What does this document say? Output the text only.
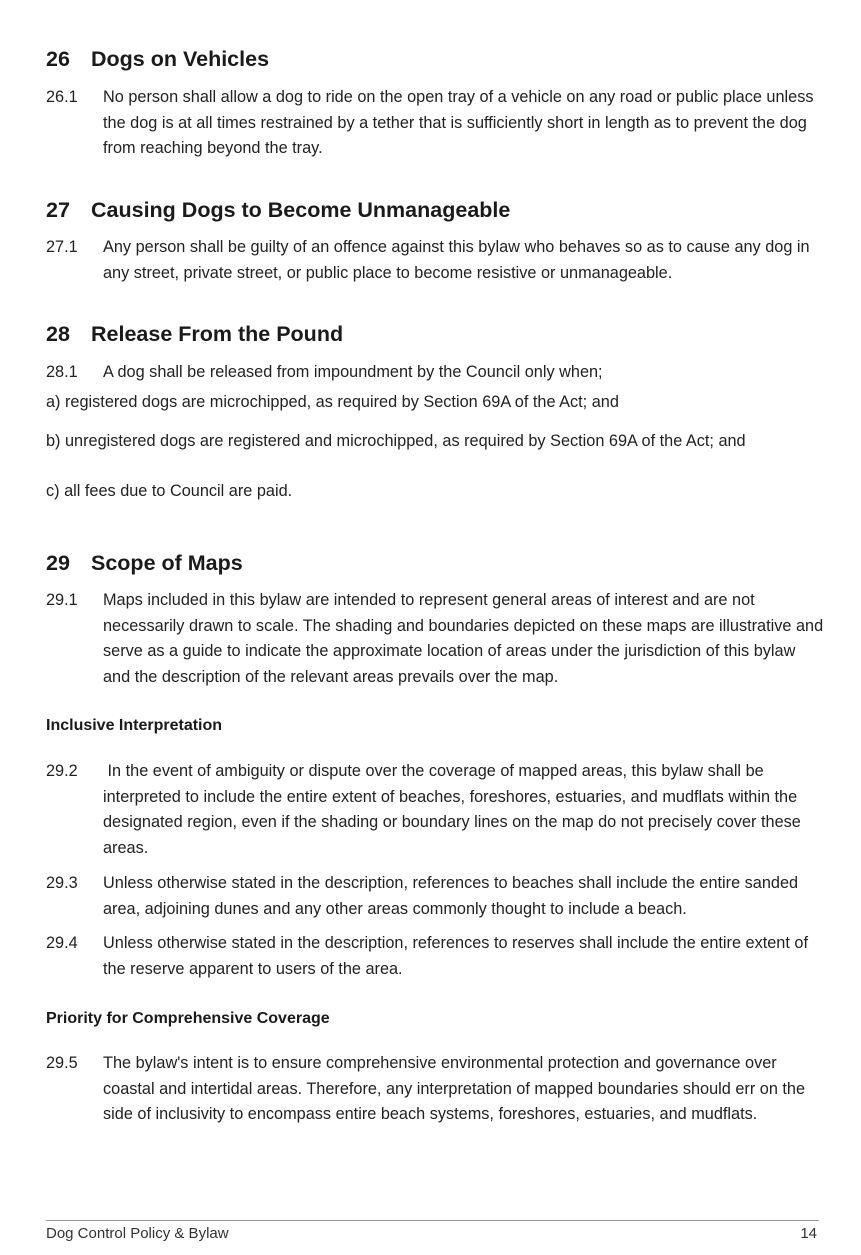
26 Dogs on Vehicles
26.1 No person shall allow a dog to ride on the open tray of a vehicle on any road or public place unless the dog is at all times restrained by a tether that is sufficiently short in length as to prevent the dog from reaching beyond the tray.
27 Causing Dogs to Become Unmanageable
27.1 Any person shall be guilty of an offence against this bylaw who behaves so as to cause any dog in any street, private street, or public place to become resistive or unmanageable.
28 Release From the Pound
28.1 A dog shall be released from impoundment by the Council only when;
a) registered dogs are microchipped, as required by Section 69A of the Act; and
b) unregistered dogs are registered and microchipped, as required by Section 69A of the Act; and
c) all fees due to Council are paid.
29 Scope of Maps
29.1 Maps included in this bylaw are intended to represent general areas of interest and are not necessarily drawn to scale. The shading and boundaries depicted on these maps are illustrative and serve as a guide to indicate the approximate location of areas under the jurisdiction of this bylaw and the description of the relevant areas prevails over the map.
Inclusive Interpretation
29.2 In the event of ambiguity or dispute over the coverage of mapped areas, this bylaw shall be interpreted to include the entire extent of beaches, foreshores, estuaries, and mudflats within the designated region, even if the shading or boundary lines on the map do not precisely cover these areas.
29.3 Unless otherwise stated in the description, references to beaches shall include the entire sanded area, adjoining dunes and any other areas commonly thought to include a beach.
29.4 Unless otherwise stated in the description, references to reserves shall include the entire extent of the reserve apparent to users of the area.
Priority for Comprehensive Coverage
29.5 The bylaw's intent is to ensure comprehensive environmental protection and governance over coastal and intertidal areas. Therefore, any interpretation of mapped boundaries should err on the side of inclusivity to encompass entire beach systems, foreshores, estuaries, and mudflats.
Dog Control Policy & Bylaw	14
